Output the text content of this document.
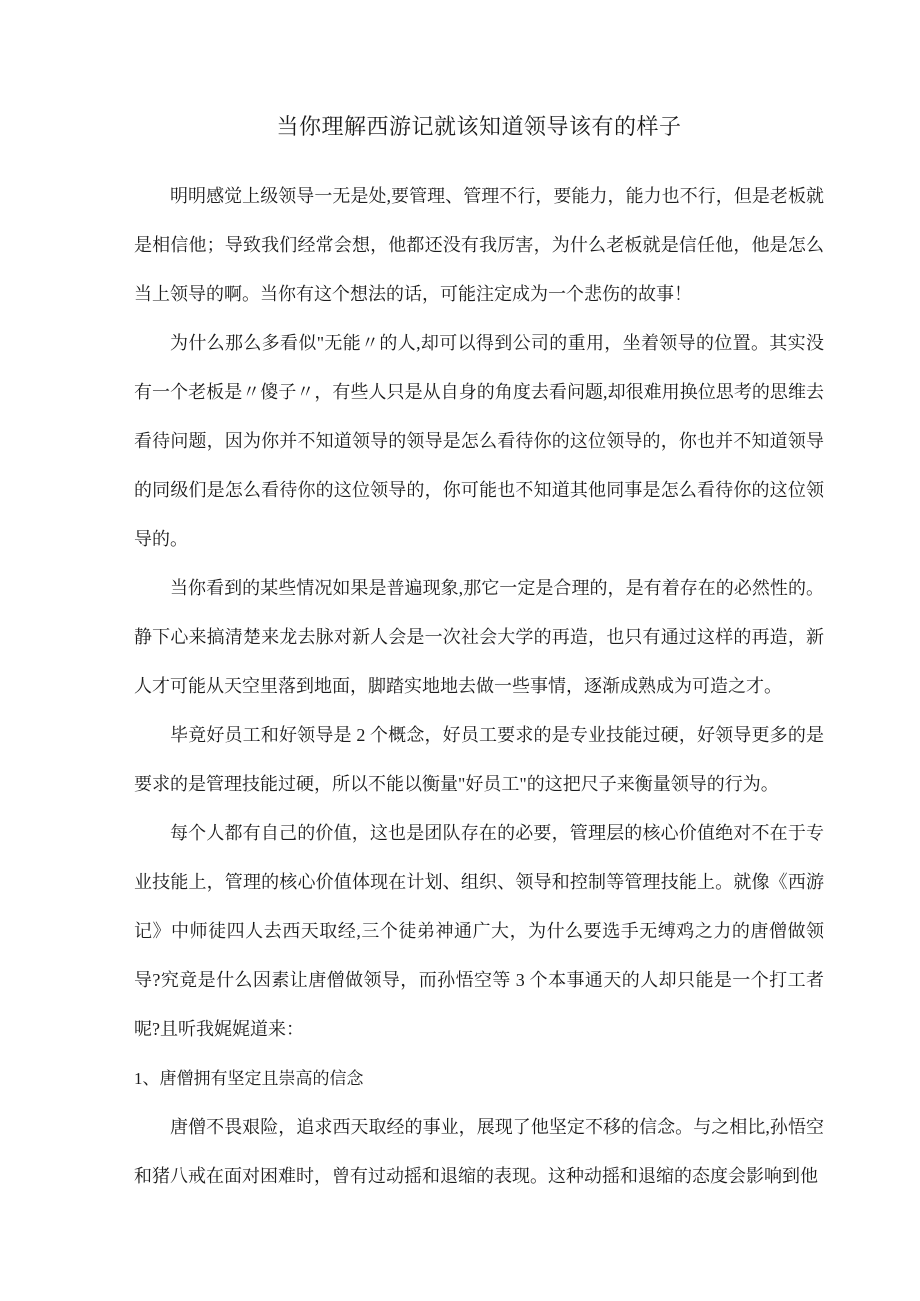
当你理解西游记就该知道领导该有的样子

明明感觉上级领导一无是处,要管理、管理不行，要能力，能力也不行，但是老板就是相信他；导致我们经常会想，他都还没有我厉害，为什么老板就是信任他，他是怎么当上领导的啊。当你有这个想法的话，可能注定成为一个悲伤的故事！

为什么那么多看似"无能〃的人,却可以得到公司的重用，坐着领导的位置。其实没有一个老板是〃傻子〃，有些人只是从自身的角度去看问题,却很难用换位思考的思维去看待问题，因为你并不知道领导的领导是怎么看待你的这位领导的，你也并不知道领导的同级们是怎么看待你的这位领导的，你可能也不知道其他同事是怎么看待你的这位领导的。

当你看到的某些情况如果是普遍现象,那它一定是合理的，是有着存在的必然性的。静下心来搞清楚来龙去脉对新人会是一次社会大学的再造，也只有通过这样的再造，新人才可能从天空里落到地面，脚踏实地地去做一些事情，逐渐成熟成为可造之才。

毕竟好员工和好领导是 2 个概念，好员工要求的是专业技能过硬，好领导更多的是要求的是管理技能过硬，所以不能以衡量"好员工"的这把尺子来衡量领导的行为。

每个人都有自己的价值，这也是团队存在的必要，管理层的核心价值绝对不在于专业技能上，管理的核心价值体现在计划、组织、领导和控制等管理技能上。就像《西游记》中师徒四人去西天取经,三个徒弟神通广大，为什么要选手无缚鸡之力的唐僧做领导?究竟是什么因素让唐僧做领导，而孙悟空等 3 个本事通天的人却只能是一个打工者呢?且听我娓娓道来：

1、唐僧拥有坚定且崇高的信念

唐僧不畏艰险，追求西天取经的事业，展现了他坚定不移的信念。与之相比,孙悟空和猪八戒在面对困难时，曾有过动摇和退缩的表现。这种动摇和退缩的态度会影响到他
